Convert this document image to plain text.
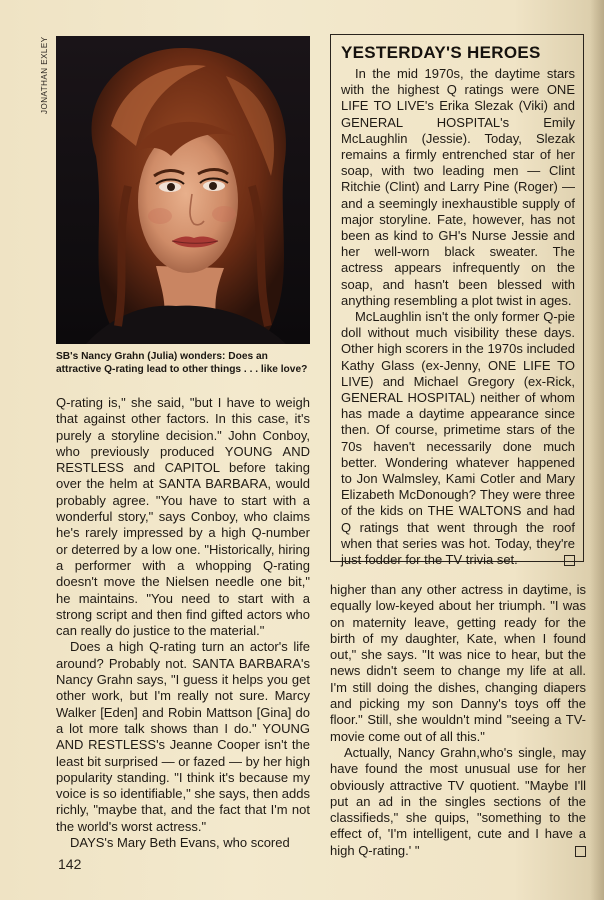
JONATHAN EXLEY
SB's Nancy Grahn (Julia) wonders: Does an attractive Q-rating lead to other things . . . like love?

Q-rating is," she said, "but I have to weigh that against other factors. In this case, it's purely a storyline decision." John Conboy, who previously produced YOUNG AND RESTLESS and CAPITOL before taking over the helm at SANTA BARBARA, would probably agree. "You have to start with a wonderful story," says Conboy, who claims he's rarely impressed by a high Q-number or deterred by a low one. "Historically, hiring a performer with a whopping Q-rating doesn't move the Nielsen needle one bit," he maintains. "You need to start with a strong script and then find gifted actors who can really do justice to the material."

Does a high Q-rating turn an actor's life around? Probably not. SANTA BARBARA's Nancy Grahn says, "I guess it helps you get other work, but I'm really not sure. Marcy Walker [Eden] and Robin Mattson [Gina] do a lot more talk shows than I do." YOUNG AND RESTLESS's Jeanne Cooper isn't the least bit surprised — or fazed — by her high popularity standing. "I think it's because my voice is so identifiable," she says, then adds richly, "maybe that, and the fact that I'm not the world's worst actress."

DAYS's Mary Beth Evans, who scored

YESTERDAY'S HEROES

In the mid 1970s, the daytime stars with the highest Q ratings were ONE LIFE TO LIVE's Erika Slezak (Viki) and GENERAL HOSPITAL's Emily McLaughlin (Jessie). Today, Slezak remains a firmly entrenched star of her soap, with two leading men — Clint Ritchie (Clint) and Larry Pine (Roger) — and a seemingly inexhaustible supply of major storyline. Fate, however, has not been as kind to GH's Nurse Jessie and her well-worn black sweater. The actress appears infrequently on the soap, and hasn't been blessed with anything resembling a plot twist in ages.

McLaughlin isn't the only former Q-pie doll without much visibility these days. Other high scorers in the 1970s included Kathy Glass (ex-Jenny, ONE LIFE TO LIVE) and Michael Gregory (ex-Rick, GENERAL HOSPITAL) neither of whom has made a daytime appearance since then. Of course, primetime stars of the 70s haven't necessarily done much better. Wondering whatever happened to Jon Walmsley, Kami Cotler and Mary Elizabeth McDonough? They were three of the kids on THE WALTONS and had Q ratings that went through the roof when that series was hot. Today, they're just fodder for the TV trivia set.

higher than any other actress in daytime, is equally low-keyed about her triumph. "I was on maternity leave, getting ready for the birth of my daughter, Kate, when I found out," she says. "It was nice to hear, but the news didn't seem to change my life at all. I'm still doing the dishes, changing diapers and picking my son Danny's toys off the floor." Still, she wouldn't mind "seeing a TV-movie come out of all this."

Actually, Nancy Grahn,who's single, may have found the most unusual use for her obviously attractive TV quotient. "Maybe I'll put an ad in the singles sections of the classifieds," she quips, "something to the effect of, 'I'm intelligent, cute and I have a high Q-rating.' "

142
